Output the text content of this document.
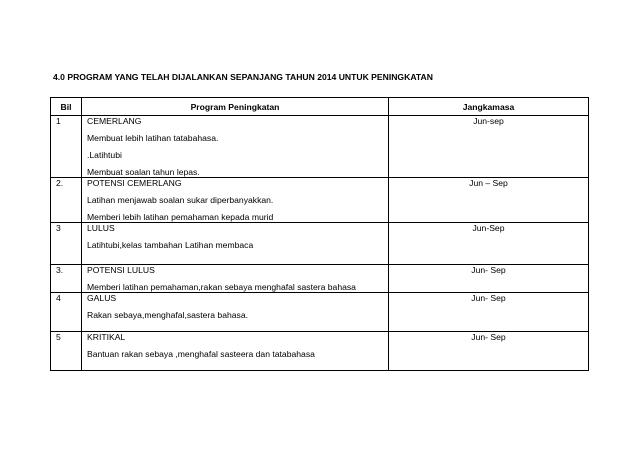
4.0 PROGRAM YANG TELAH DIJALANKAN SEPANJANG TAHUN 2014 UNTUK PENINGKATAN
Bil	Program Peningkatan	Jangkamasa
1	CEMERLANG
Membuat lebih latihan tatabahasa.
.Latihtubi
Membuat soalan tahun lepas.	Jun-sep
2.	POTENSI CEMERLANG
Latihan menjawab soalan sukar diperbanyakkan.
Memberi lebih latihan pemahaman kepada murid	Jun – Sep
3	LULUS
Latihtubi,kelas tambahan Latihan membaca	Jun-Sep
3.	POTENSI LULUS
Memberi latihan pemahaman,rakan sebaya menghafal sastera bahasa	Jun- Sep
4	GALUS
Rakan sebaya,menghafal,sastera bahasa.	Jun- Sep
5	KRITIKAL
Bantuan rakan sebaya ,menghafal sasteera dan tatabahasa	Jun- Sep
